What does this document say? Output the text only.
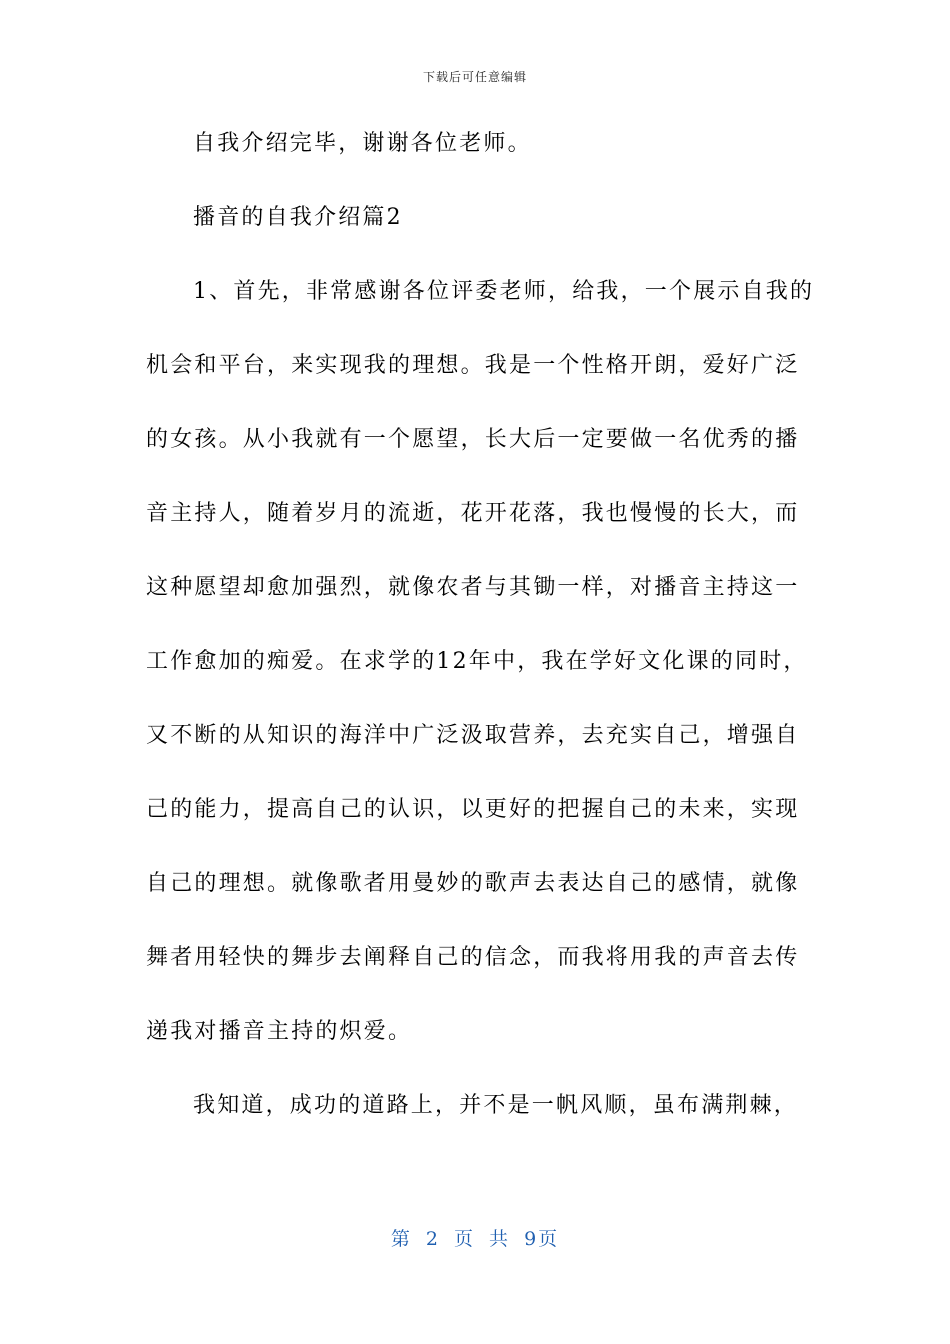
下载后可任意编辑
自我介绍完毕，谢谢各位老师。
播音的自我介绍篇2
1、首先，非常感谢各位评委老师，给我，一个展示自我的
机会和平台，来实现我的理想。我是一个性格开朗，爱好广泛
的女孩。从小我就有一个愿望，长大后一定要做一名优秀的播
音主持人，随着岁月的流逝，花开花落，我也慢慢的长大，而
这种愿望却愈加强烈，就像农者与其锄一样，对播音主持这一
工作愈加的痴爱。在求学的12年中，我在学好文化课的同时，
又不断的从知识的海洋中广泛汲取营养，去充实自己，增强自
己的能力，提高自己的认识，以更好的把握自己的未来，实现
自己的理想。就像歌者用曼妙的歌声去表达自己的感情，就像
舞者用轻快的舞步去阐释自己的信念，而我将用我的声音去传
递我对播音主持的炽爱。
我知道，成功的道路上，并不是一帆风顺，虽布满荆棘，
第 2 页 共 9页
